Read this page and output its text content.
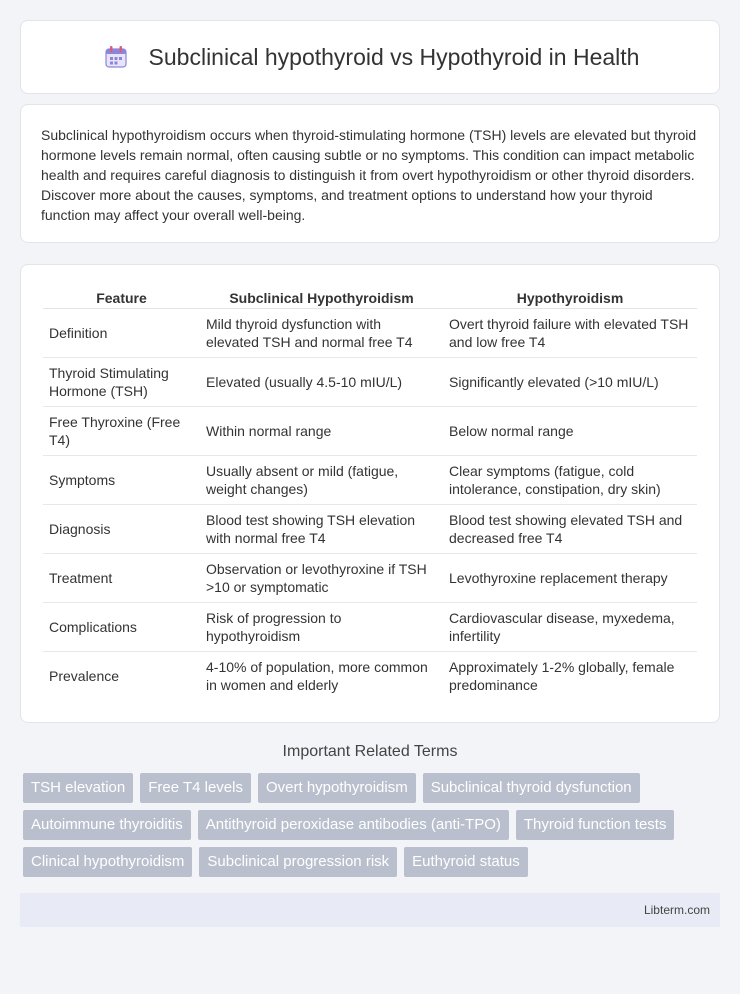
Subclinical hypothyroid vs Hypothyroid in Health

Subclinical hypothyroidism occurs when thyroid-stimulating hormone (TSH) levels are elevated but thyroid hormone levels remain normal, often causing subtle or no symptoms. This condition can impact metabolic health and requires careful diagnosis to distinguish it from overt hypothyroidism or other thyroid disorders. Discover more about the causes, symptoms, and treatment options to understand how your thyroid function may affect your overall well-being.

Feature	Subclinical Hypothyroidism	Hypothyroidism
Definition	Mild thyroid dysfunction with elevated TSH and normal free T4	Overt thyroid failure with elevated TSH and low free T4
Thyroid Stimulating Hormone (TSH)	Elevated (usually 4.5-10 mIU/L)	Significantly elevated (>10 mIU/L)
Free Thyroxine (Free T4)	Within normal range	Below normal range
Symptoms	Usually absent or mild (fatigue, weight changes)	Clear symptoms (fatigue, cold intolerance, constipation, dry skin)
Diagnosis	Blood test showing TSH elevation with normal free T4	Blood test showing elevated TSH and decreased free T4
Treatment	Observation or levothyroxine if TSH >10 or symptomatic	Levothyroxine replacement therapy
Complications	Risk of progression to hypothyroidism	Cardiovascular disease, myxedema, infertility
Prevalence	4-10% of population, more common in women and elderly	Approximately 1-2% globally, female predominance
Important Related Terms
TSH elevation	Free T4 levels	Overt hypothyroidism	Subclinical thyroid dysfunction
Autoimmune thyroiditis	Antithyroid peroxidase antibodies (anti-TPO)	Thyroid function tests
Clinical hypothyroidism	Subclinical progression risk	Euthyroid status
Libterm.com
